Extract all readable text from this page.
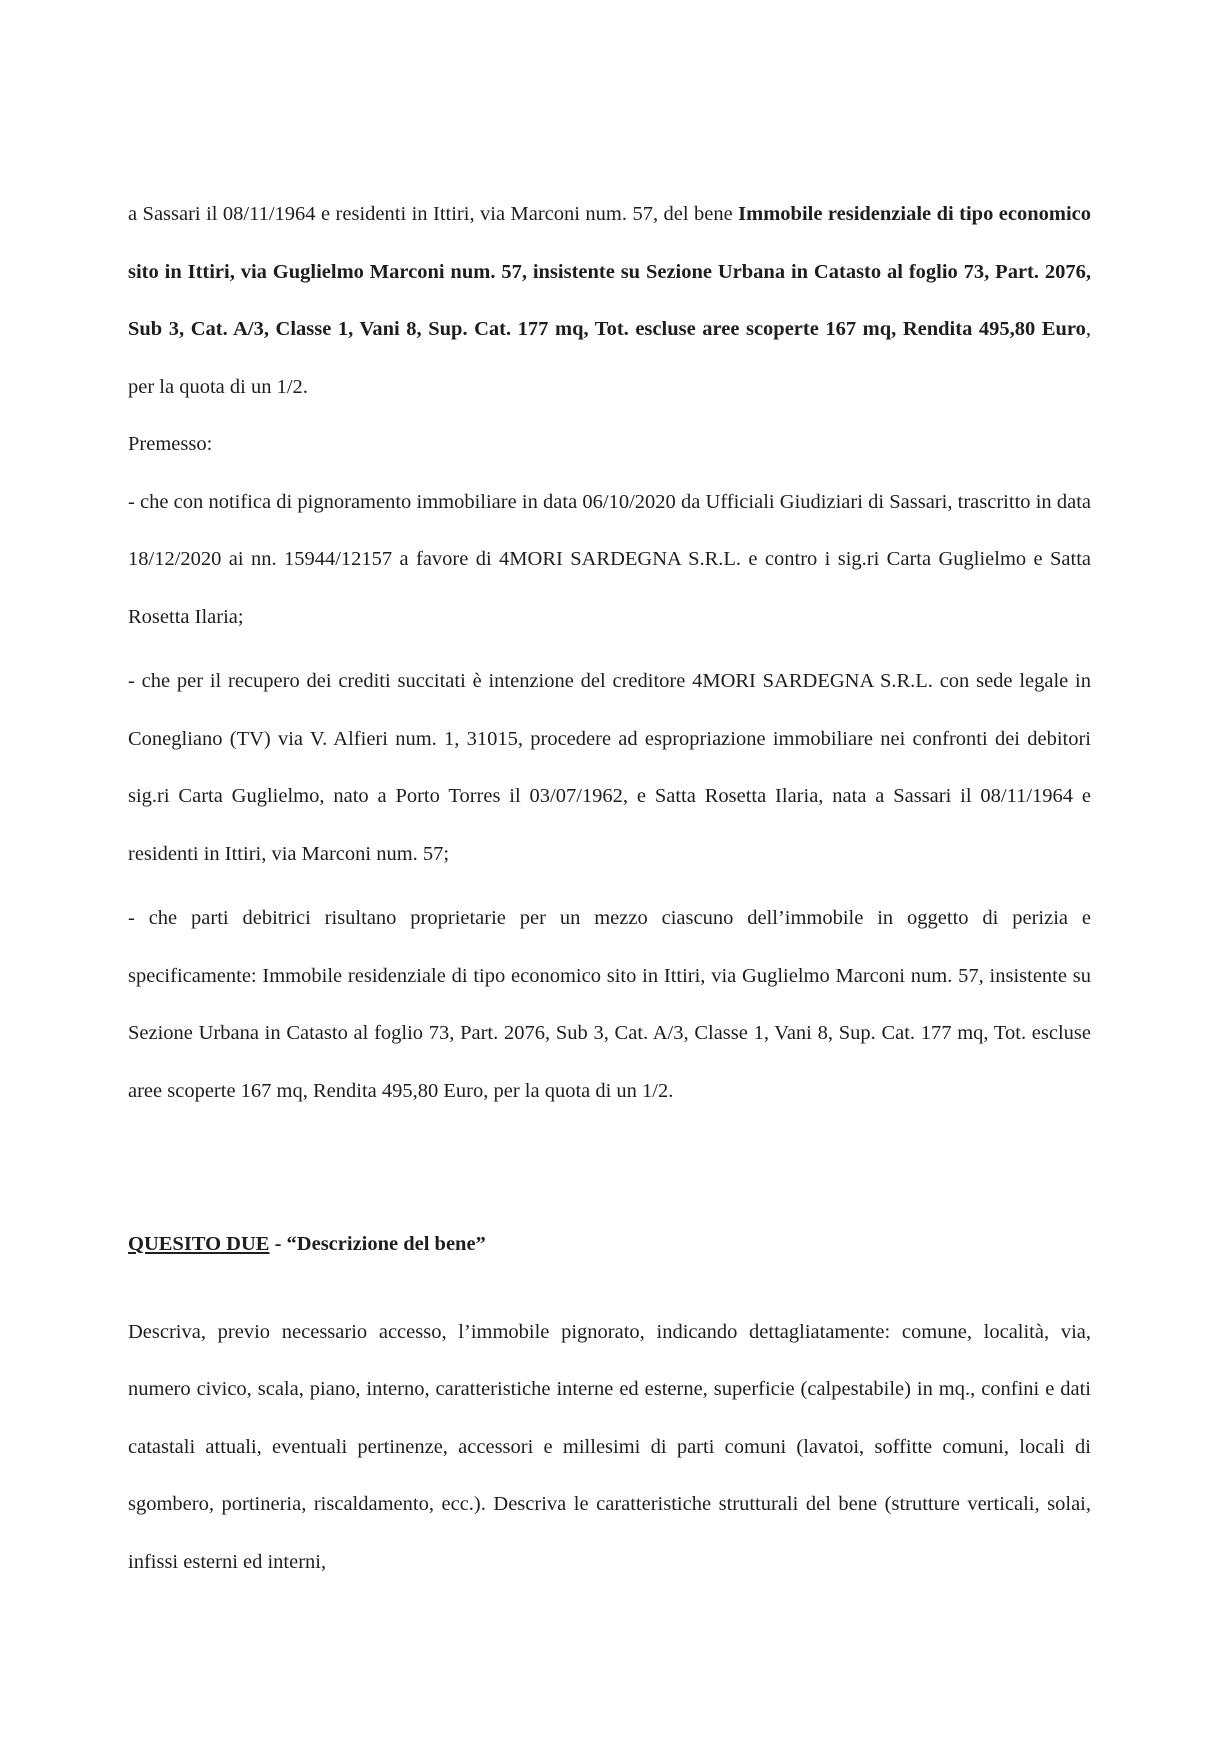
a Sassari il 08/11/1964 e residenti in Ittiri, via Marconi num. 57, del bene Immobile residenziale di tipo economico sito in Ittiri, via Guglielmo Marconi num. 57, insistente su Sezione Urbana in Catasto al foglio 73, Part. 2076, Sub 3, Cat. A/3, Classe 1, Vani 8, Sup. Cat. 177 mq, Tot. escluse aree scoperte 167 mq, Rendita 495,80 Euro, per la quota di un 1/2.

Premesso:

- che con notifica di pignoramento immobiliare in data 06/10/2020 da Ufficiali Giudiziari di Sassari, trascritto in data 18/12/2020 ai nn. 15944/12157 a favore di 4MORI SARDEGNA S.R.L. e contro i sig.ri Carta Guglielmo e Satta Rosetta Ilaria;

- che per il recupero dei crediti succitati è intenzione del creditore 4MORI SARDEGNA S.R.L. con sede legale in Conegliano (TV) via V. Alfieri num. 1, 31015, procedere ad espropriazione immobiliare nei confronti dei debitori sig.ri Carta Guglielmo, nato a Porto Torres il 03/07/1962, e Satta Rosetta Ilaria, nata a Sassari il 08/11/1964 e residenti in Ittiri, via Marconi num. 57;

- che parti debitrici risultano proprietarie per un mezzo ciascuno dell’immobile in oggetto di perizia e specificamente: Immobile residenziale di tipo economico sito in Ittiri, via Guglielmo Marconi num. 57, insistente su Sezione Urbana in Catasto al foglio 73, Part. 2076, Sub 3, Cat. A/3, Classe 1, Vani 8, Sup. Cat. 177 mq, Tot. escluse aree scoperte 167 mq, Rendita 495,80 Euro, per la quota di un 1/2.

QUESITO DUE - “Descrizione del bene”

Descriva, previo necessario accesso, l’immobile pignorato, indicando dettagliatamente: comune, località, via, numero civico, scala, piano, interno, caratteristiche interne ed esterne, superficie (calpestabile) in mq., confini e dati catastali attuali, eventuali pertinenze, accessori e millesimi di parti comuni (lavatoi, soffitte comuni, locali di sgombero, portineria, riscaldamento, ecc.). Descriva le caratteristiche strutturali del bene (strutture verticali, solai, infissi esterni ed interni,
